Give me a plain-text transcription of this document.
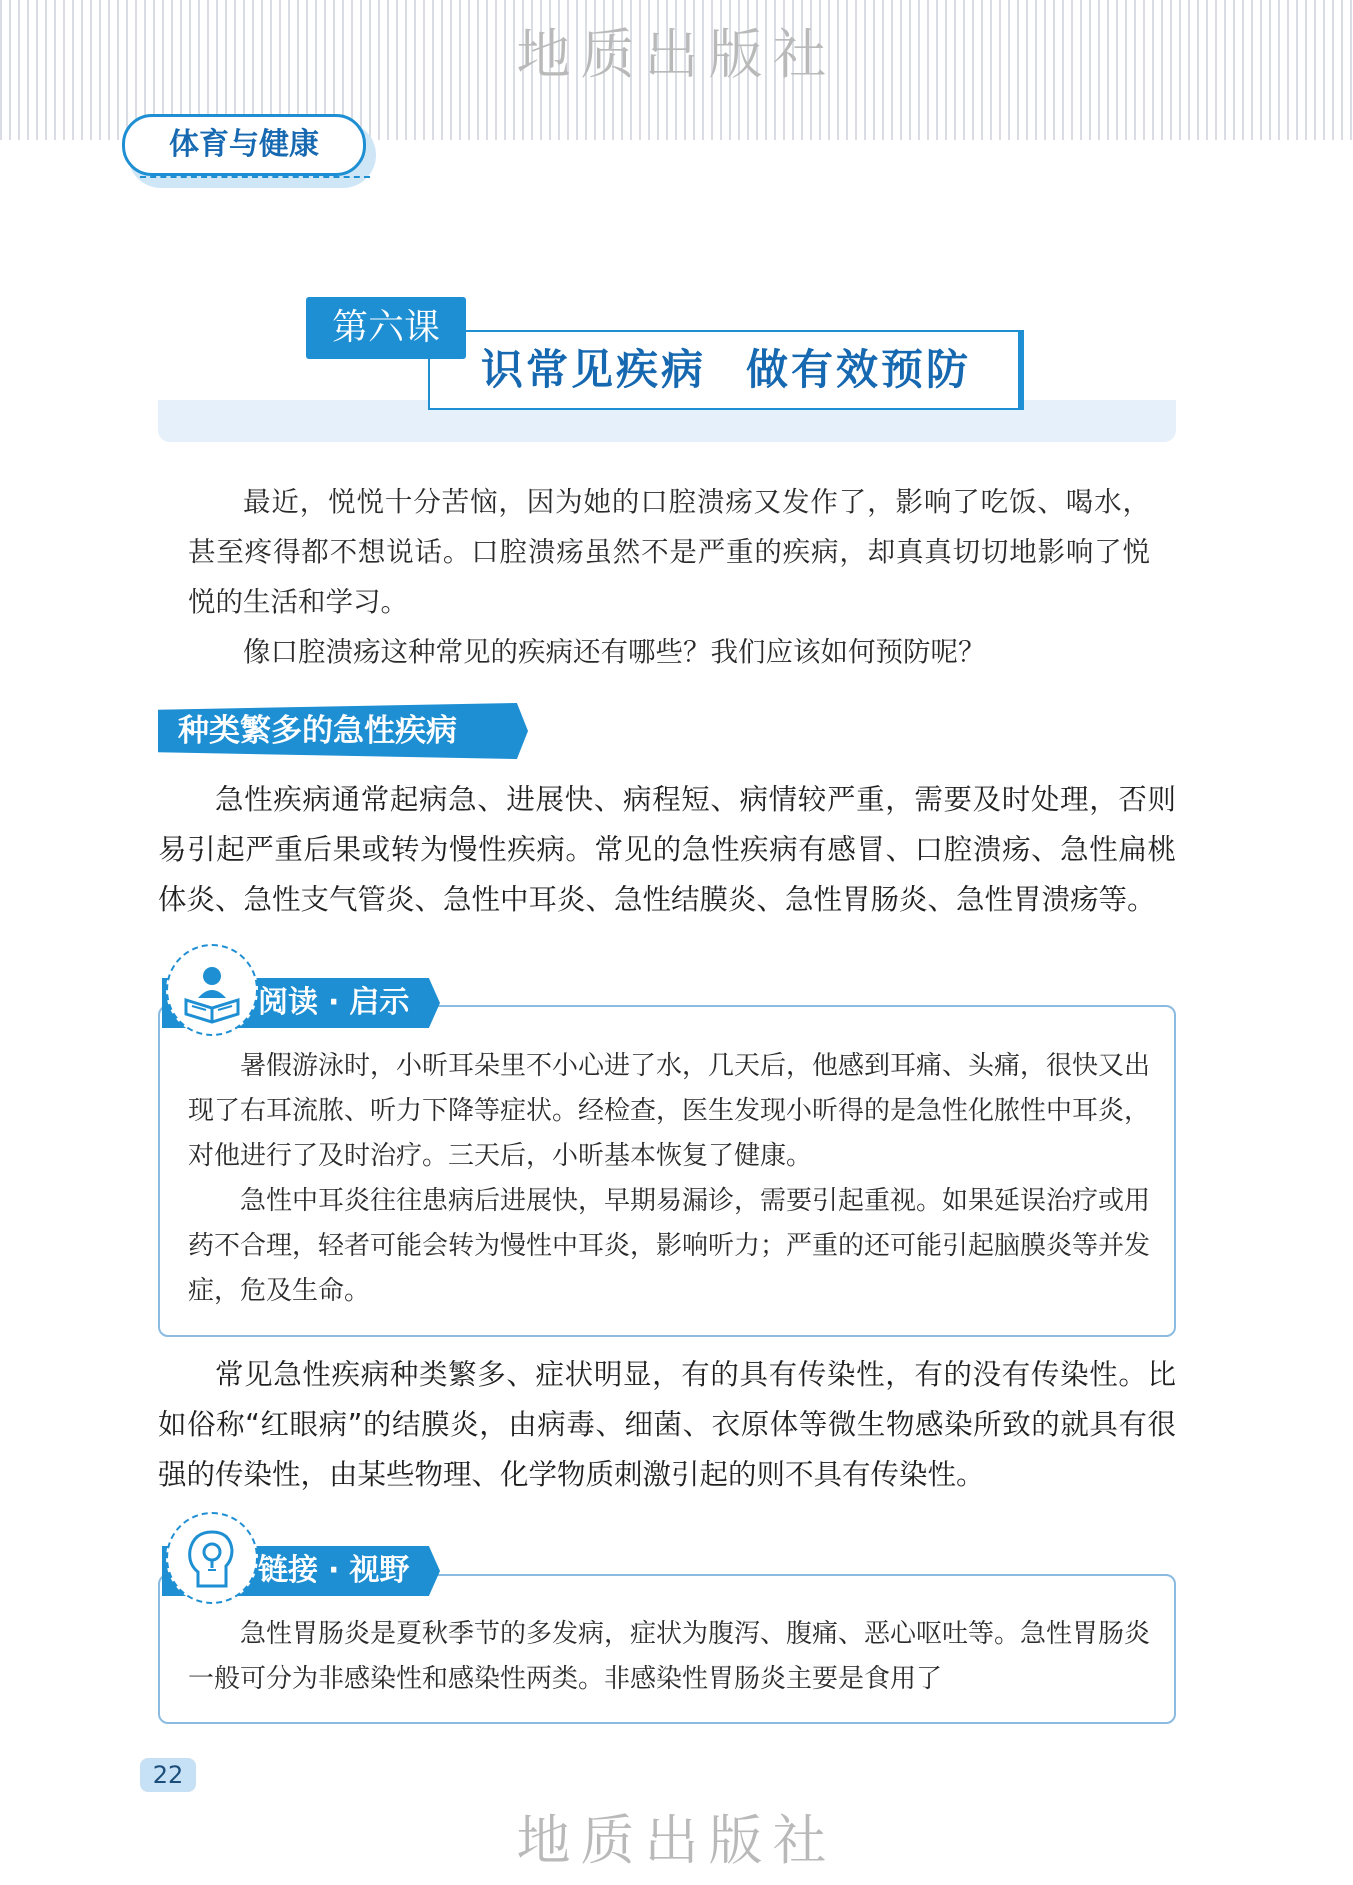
地质出版社
体育与健康
识常见疾病 做有效预防
第六课
最近，悦悦十分苦恼，因为她的口腔溃疡又发作了，影响了吃饭、喝水，甚至疼得都不想说话。口腔溃疡虽然不是严重的疾病，却真真切切地影响了悦悦的生活和学习。
像口腔溃疡这种常见的疾病还有哪些？我们应该如何预防呢？
种类繁多的急性疾病
急性疾病通常起病急、进展快、病程短、病情较严重，需要及时处理，否则易引起严重后果或转为慢性疾病。常见的急性疾病有感冒、口腔溃疡、急性扁桃体炎、急性支气管炎、急性中耳炎、急性结膜炎、急性胃肠炎、急性胃溃疡等。
阅读 · 启示
暑假游泳时，小昕耳朵里不小心进了水，几天后，他感到耳痛、头痛，很快又出现了右耳流脓、听力下降等症状。经检查，医生发现小昕得的是急性化脓性中耳炎，对他进行了及时治疗。三天后，小昕基本恢复了健康。
急性中耳炎往往患病后进展快，早期易漏诊，需要引起重视。如果延误治疗或用药不合理，轻者可能会转为慢性中耳炎，影响听力；严重的还可能引起脑膜炎等并发症，危及生命。
常见急性疾病种类繁多、症状明显，有的具有传染性，有的没有传染性。比如俗称“红眼病”的结膜炎，由病毒、细菌、衣原体等微生物感染所致的就具有很强的传染性，由某些物理、化学物质刺激引起的则不具有传染性。
链接 · 视野
急性胃肠炎是夏秋季节的多发病，症状为腹泻、腹痛、恶心呕吐等。急性胃肠炎一般可分为非感染性和感染性两类。非感染性胃肠炎主要是食用了
22
地质出版社
